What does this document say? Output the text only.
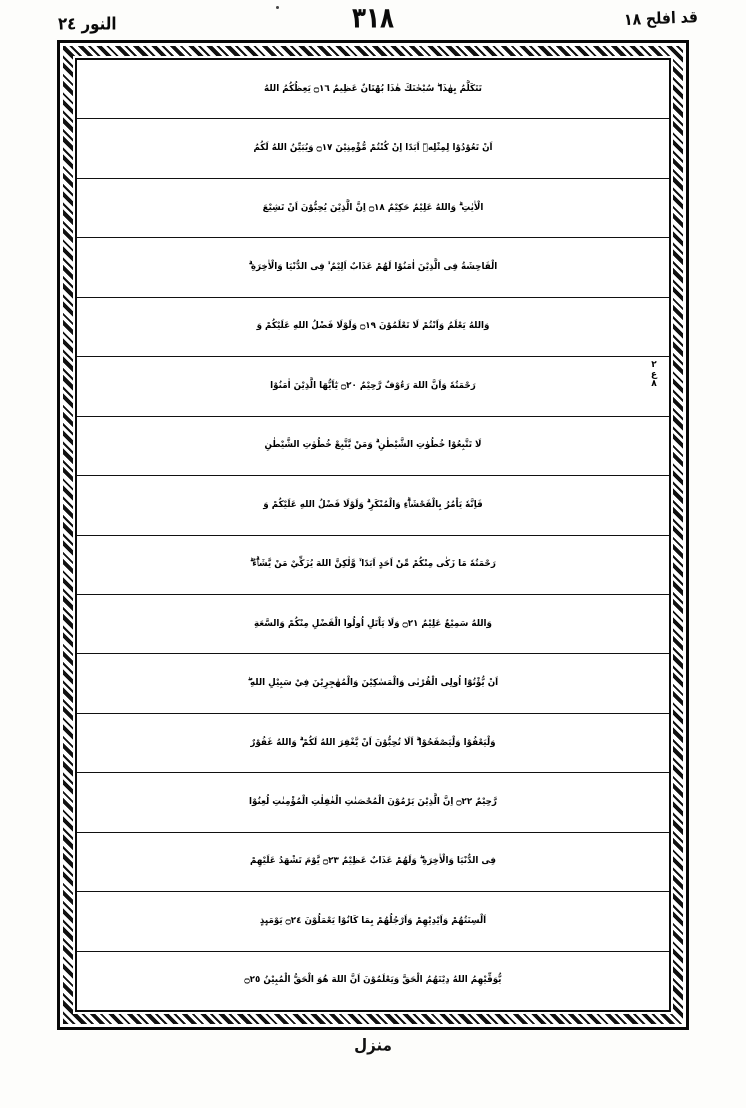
النور ٢٤	٣١٨	قد افلح ١٨
تَتَكَلَّمُ بِهٰذَا ۖ سُبْحٰنَكَ هٰذَا بُهْتَانٌ عَظِيمٌ ۝١٦ يَعِظُكُمُ اللهُ
اَنْ تَعُوْدُوْا لِمِثْلِهٖٓ اَبَدًا اِنْ كُنْتُمْ مُّؤْمِنِيْنَ ۝١٧ وَيُبَيِّنُ اللهُ لَكُمُ
الْاٰيٰتِ ۗ وَاللهُ عَلِيْمٌ حَكِيْمٌ ۝١٨ اِنَّ الَّذِيْنَ يُحِبُّوْنَ اَنْ تَشِيْعَ
الْفَاحِشَةُ فِى الَّذِيْنَ اٰمَنُوْا لَهُمْ عَذَابٌ اَلِيْمٌ ۙ فِى الدُّنْيَا وَالْاٰخِرَةِ ۗ
وَاللهُ يَعْلَمُ وَاَنْتُمْ لَا تَعْلَمُوْنَ ۝١٩ وَلَوْلَا فَضْلُ اللهِ عَلَيْكُمْ وَ
رَحْمَتُهٗ وَاَنَّ اللهَ رَءُوْفٌ رَّحِيْمٌ ۝٢٠ يٰٓاَيُّهَا الَّذِيْنَ اٰمَنُوْا
٢
ع
٨
لَا تَتَّبِعُوْا خُطُوٰتِ الشَّيْطٰنِ ۗ وَمَنْ يَّتَّبِعْ خُطُوٰتِ الشَّيْطٰنِ
فَاِنَّهٗ يَاْمُرُ بِالْفَحْشَاۗءِ وَالْمُنْكَرِ ۗ وَلَوْلَا فَضْلُ اللهِ عَلَيْكُمْ وَ
رَحْمَتُهٗ مَا زَكٰى مِنْكُمْ مِّنْ اَحَدٍ اَبَدًا ۙ وَّلٰكِنَّ اللهَ يُزَكِّيْ مَنْ يَّشَاۗءُ ۗ
وَاللهُ سَمِيْعٌ عَلِيْمٌ ۝٢١ وَلَا يَاْتَلِ اُولُوا الْفَضْلِ مِنْكُمْ وَالسَّعَةِ
اَنْ يُّؤْتُوْٓا اُولِى الْقُرْبٰى وَالْمَسٰكِيْنَ وَالْمُهٰجِرِيْنَ فِيْ سَبِيْلِ اللهِ ۖ
وَلْيَعْفُوْا وَلْيَصْفَحُوْا ۗ اَلَا تُحِبُّوْنَ اَنْ يَّغْفِرَ اللهُ لَكُمْ ۗ وَاللهُ غَفُوْرٌ
رَّحِيْمٌ ۝٢٢ اِنَّ الَّذِيْنَ يَرْمُوْنَ الْمُحْصَنٰتِ الْغٰفِلٰتِ الْمُؤْمِنٰتِ لُعِنُوْا
فِى الدُّنْيَا وَالْاٰخِرَةِ ۖ وَلَهُمْ عَذَابٌ عَظِيْمٌ ۝٢٣ يَّوْمَ تَشْهَدُ عَلَيْهِمْ
اَلْسِنَتُهُمْ وَاَيْدِيْهِمْ وَاَرْجُلُهُمْ بِمَا كَانُوْا يَعْمَلُوْنَ ۝٢٤ يَوْمَىِٕذٍ
يُّوَفِّيْهِمُ اللهُ دِيْنَهُمُ الْحَقَّ وَيَعْلَمُوْنَ اَنَّ اللهَ هُوَ الْحَقُّ الْمُبِيْنُ ۝٢٥
منزل
